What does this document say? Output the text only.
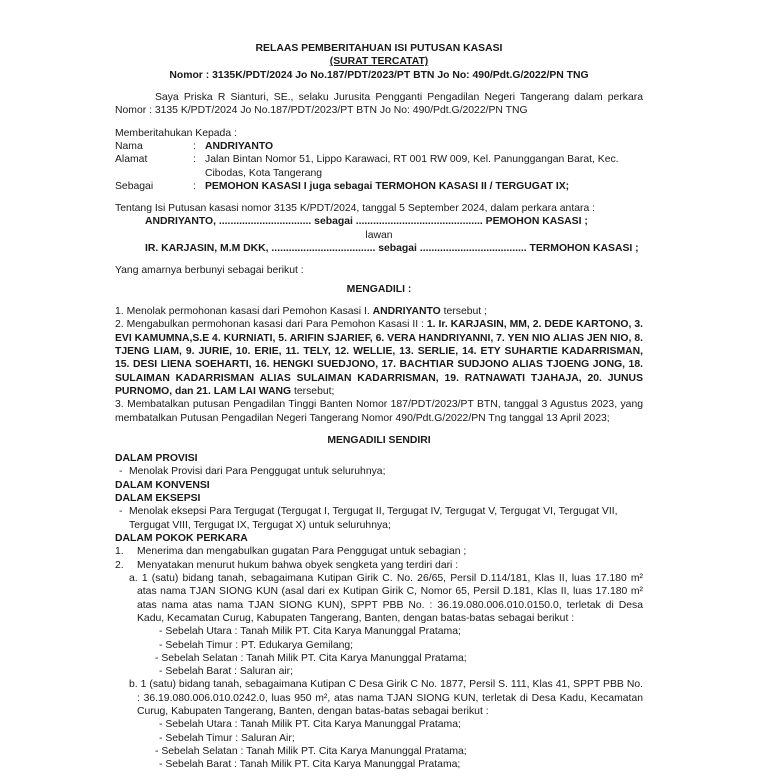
RELAAS PEMBERITAHUAN ISI PUTUSAN KASASI

(SURAT TERCATAT)

Nomor : 3135K/PDT/2024 Jo No.187/PDT/2023/PT BTN Jo No: 490/Pdt.G/2022/PN TNG

Saya Priska R Sianturi, SE., selaku Jurusita Pengganti Pengadilan Negeri Tangerang dalam perkara Nomor : 3135 K/PDT/2024 Jo No.187/PDT/2023/PT BTN Jo No: 490/Pdt.G/2022/PN TNG

Memberitahukan Kepada :

Nama	: ANDRIYANTO
Alamat	: Jalan Bintan Nomor 51, Lippo Karawaci, RT 001 RW 009, Kel. Panunggangan Barat, Kec. Cibodas, Kota Tangerang
Sebagai	: PEMOHON KASASI I juga sebagai TERMOHON KASASI II / TERGUGAT IX;

Tentang Isi Putusan kasasi nomor 3135 K/PDT/2024, tanggal 5 September 2024, dalam perkara antara :

ANDRIYANTO, ................................ sebagai ............................................ PEMOHON KASASI ;

lawan

IR. KARJASIN, M.M DKK, .................................... sebagai ..................................... TERMOHON KASASI ;

Yang amarnya berbunyi sebagai berikut :

MENGADILI :

1. Menolak permohonan kasasi dari Pemohon Kasasi I. ANDRIYANTO tersebut ;

2. Mengabulkan permohonan kasasi dari Para Pemohon Kasasi II : 1. Ir. KARJASIN, MM, 2. DEDE KARTONO, 3. EVI KAMUMNA,S.E 4. KURNIATI, 5. ARIFIN SJARIEF, 6. VERA HANDRIYANNI, 7. YEN NIO ALIAS JEN NIO, 8. TJENG LIAM, 9. JURIE, 10. ERIE, 11. TELY, 12. WELLIE, 13. SERLIE, 14. ETY SUHARTIE KADARRISMAN, 15. DESI LIENA SOEHARTI, 16. HENGKI SUEDJONO, 17. BACHTIAR SUDJONO ALIAS TJOENG JONG, 18. SULAIMAN KADARRISMAN ALIAS SULAIMAN KADARRISMAN, 19. RATNAWATI TJAHAJA, 20. JUNUS PURNOMO, dan 21. LAM LAI WANG tersebut;

3. Membatalkan putusan Pengadilan Tinggi Banten Nomor 187/PDT/2023/PT BTN, tanggal 3 Agustus 2023, yang membatalkan Putusan Pengadilan Negeri Tangerang Nomor 490/Pdt.G/2022/PN Tng tanggal 13 April 2023;

MENGADILI SENDIRI

DALAM PROVISI

- Menolak Provisi dari Para Penggugat untuk seluruhnya;

DALAM KONVENSI

DALAM EKSEPSI

- Menolak eksepsi Para Tergugat (Tergugat I, Tergugat II, Tergugat IV, Tergugat V, Tergugat VI, Tergugat VII, Tergugat VIII, Tergugat IX, Tergugat X) untuk seluruhnya;

DALAM POKOK PERKARA

1.	Menerima dan mengabulkan gugatan Para Penggugat untuk sebagian ;
2.	Menyatakan menurut hukum bahwa obyek sengketa yang terdiri dari :

a. 1 (satu) bidang tanah, sebagaimana Kutipan Girik C. No. 26/65, Persil D.114/181, Klas II, luas 17.180 m² atas nama TJAN SIONG KUN (asal dari ex Kutipan Girik C, Nomor 65, Persil D.181, Klas II, luas 17.180 m² atas nama atas nama TJAN SIONG KUN), SPPT PBB No. : 36.19.080.006.010.0150.0, terletak di Desa Kadu, Kecamatan Curug, Kabupaten Tangerang, Banten, dengan batas-batas sebagai berikut :

- Sebelah Utara : Tanah Milik PT. Cita Karya Manunggal Pratama;

- Sebelah Timur : PT. Edukarya Gemilang;

- Sebelah Selatan : Tanah Milik PT. Cita Karya Manunggal Pratama;

- Sebelah Barat : Saluran air;

b. 1 (satu) bidang tanah, sebagaimana Kutipan C Desa Girik C No. 1877, Persil S. 111, Klas 41, SPPT PBB No. : 36.19.080.006.010.0242.0, luas 950 m², atas nama TJAN SIONG KUN, terletak di Desa Kadu, Kecamatan Curug, Kabupaten Tangerang, Banten, dengan batas-batas sebagai berikut :

- Sebelah Utara : Tanah Milik PT. Cita Karya Manunggal Pratama;

- Sebelah Timur : Saluran Air;

- Sebelah Selatan : Tanah Milik PT. Cita Karya Manunggal Pratama;

- Sebelah Barat : Tanah Milik PT. Cita Karya Manunggal Pratama;
